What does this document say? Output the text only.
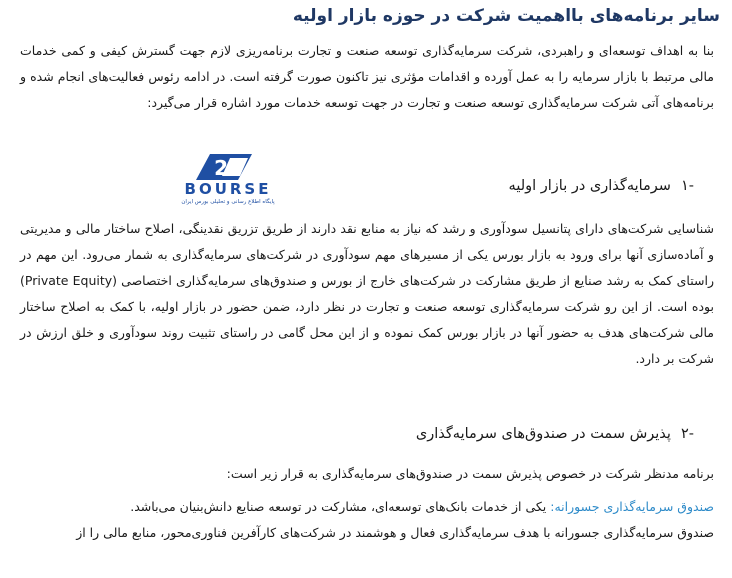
سایر برنامه‌های بااهمیت شرکت در حوزه بازار اولیه

بنا به اهداف توسعه‌ای و راهبردی، شرکت سرمایه‌گذاری توسعه صنعت و تجارت برنامه‌ریزی لازم جهت گسترش کیفی و کمی خدمات مالی مرتبط با بازار سرمایه را به عمل آورده و اقدامات مؤثری نیز تاکنون صورت گرفته است. در ادامه رئوس فعالیت‌های انجام شده و برنامه‌های آتی شرکت سرمایه‌گذاری توسعه صنعت و تجارت در جهت توسعه خدمات مورد اشاره قرار می‌گیرد:

21
BOURSE
پایگاه اطلاع رسانی و تحلیلی بورس ایران
-۱
سرمایه‌گذاری در بازار اولیه

شناسایی شرکت‌های دارای پتانسیل سودآوری و رشد که نیاز به منابع نقد دارند از طریق تزریق نقدینگی، اصلاح ساختار مالی و مدیریتی و آماده‌سازی آنها برای ورود به بازار بورس یکی از مسیرهای مهم سودآوری در شرکت‌های سرمایه‌گذاری به شمار می‌رود. این مهم در راستای کمک به رشد صنایع از طریق مشارکت در شرکت‌های خارج از بورس و صندوق‌های سرمایه‌گذاری اختصاصی (Private Equity) بوده است. از این رو شرکت سرمایه‌گذاری توسعه صنعت و تجارت در نظر دارد، ضمن حضور در بازار اولیه، با کمک به اصلاح ساختار مالی شرکت‌های هدف به حضور آنها در بازار بورس کمک نموده و از این محل گامی در راستای تثبیت روند سودآوری و خلق ارزش در شرکت بر دارد.

-۲
پذیرش سمت در صندوق‌های سرمایه‌گذاری

برنامه مدنظر شرکت در خصوص پذیرش سمت در صندوق‌های سرمایه‌گذاری به قرار زیر است:

صندوق سرمایه‌گذاری جسورانه: یکی از خدمات بانک‌های توسعه‌ای، مشارکت در توسعه صنایع دانش‌بنیان می‌باشد.
صندوق سرمایه‌گذاری جسورانه با هدف سرمایه‌گذاری فعال و هوشمند در شرکت‌های کارآفرین فناوری‌محور، منابع مالی را از
